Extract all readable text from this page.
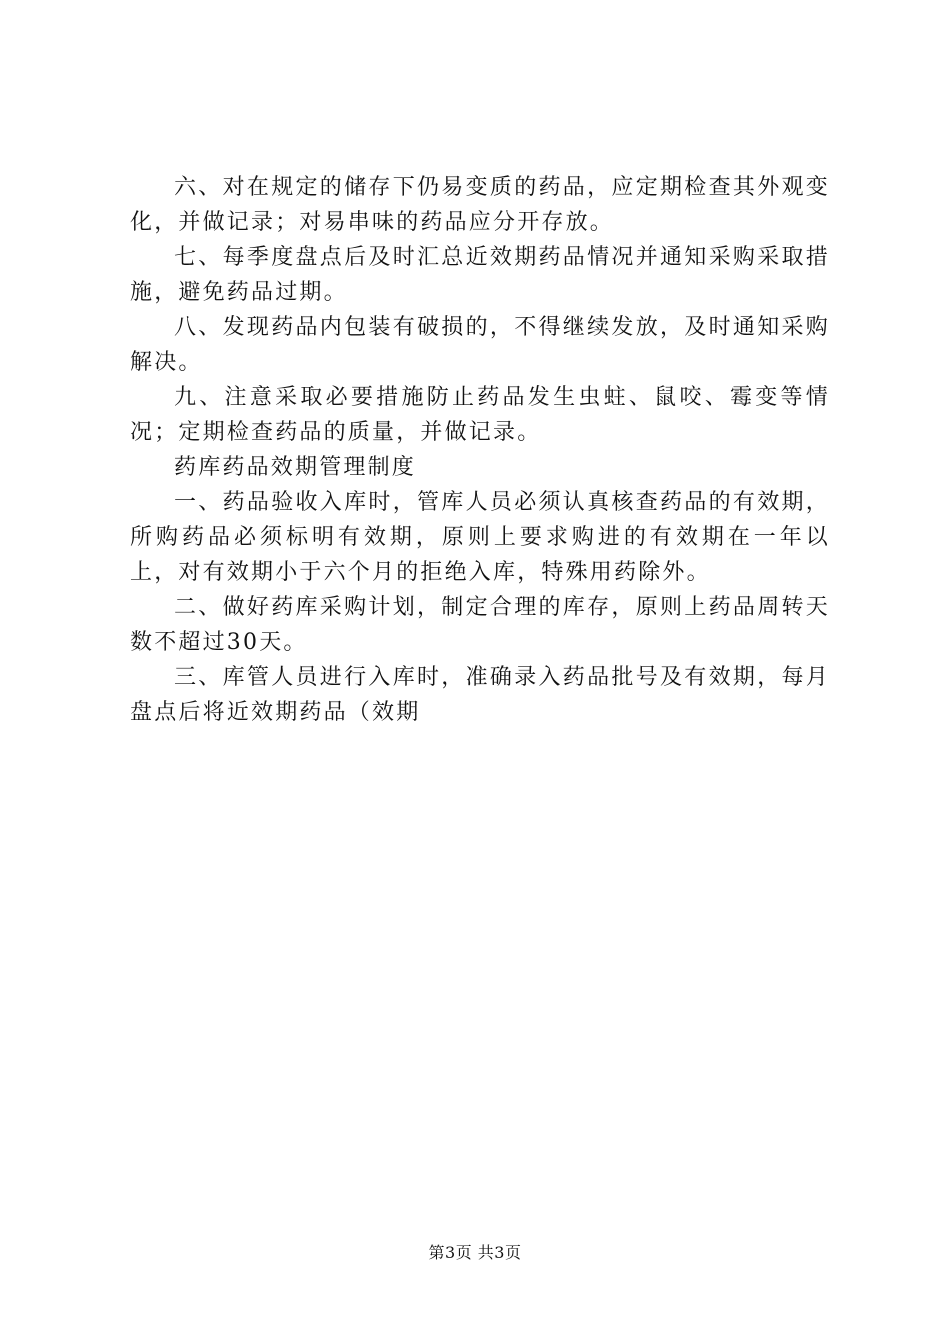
六、对在规定的储存下仍易变质的药品，应定期检查其外观变化，并做记录；对易串味的药品应分开存放。

七、每季度盘点后及时汇总近效期药品情况并通知采购采取措施，避免药品过期。

八、发现药品内包装有破损的，不得继续发放，及时通知采购解决。

九、注意采取必要措施防止药品发生虫蛀、鼠咬、霉变等情况；定期检查药品的质量，并做记录。

药库药品效期管理制度

一、药品验收入库时，管库人员必须认真核查药品的有效期，所购药品必须标明有效期，原则上要求购进的有效期在一年以上，对有效期小于六个月的拒绝入库，特殊用药除外。

二、做好药库采购计划，制定合理的库存，原则上药品周转天数不超过30天。

三、库管人员进行入库时，准确录入药品批号及有效期，每月盘点后将近效期药品（效期

第3页 共3页
